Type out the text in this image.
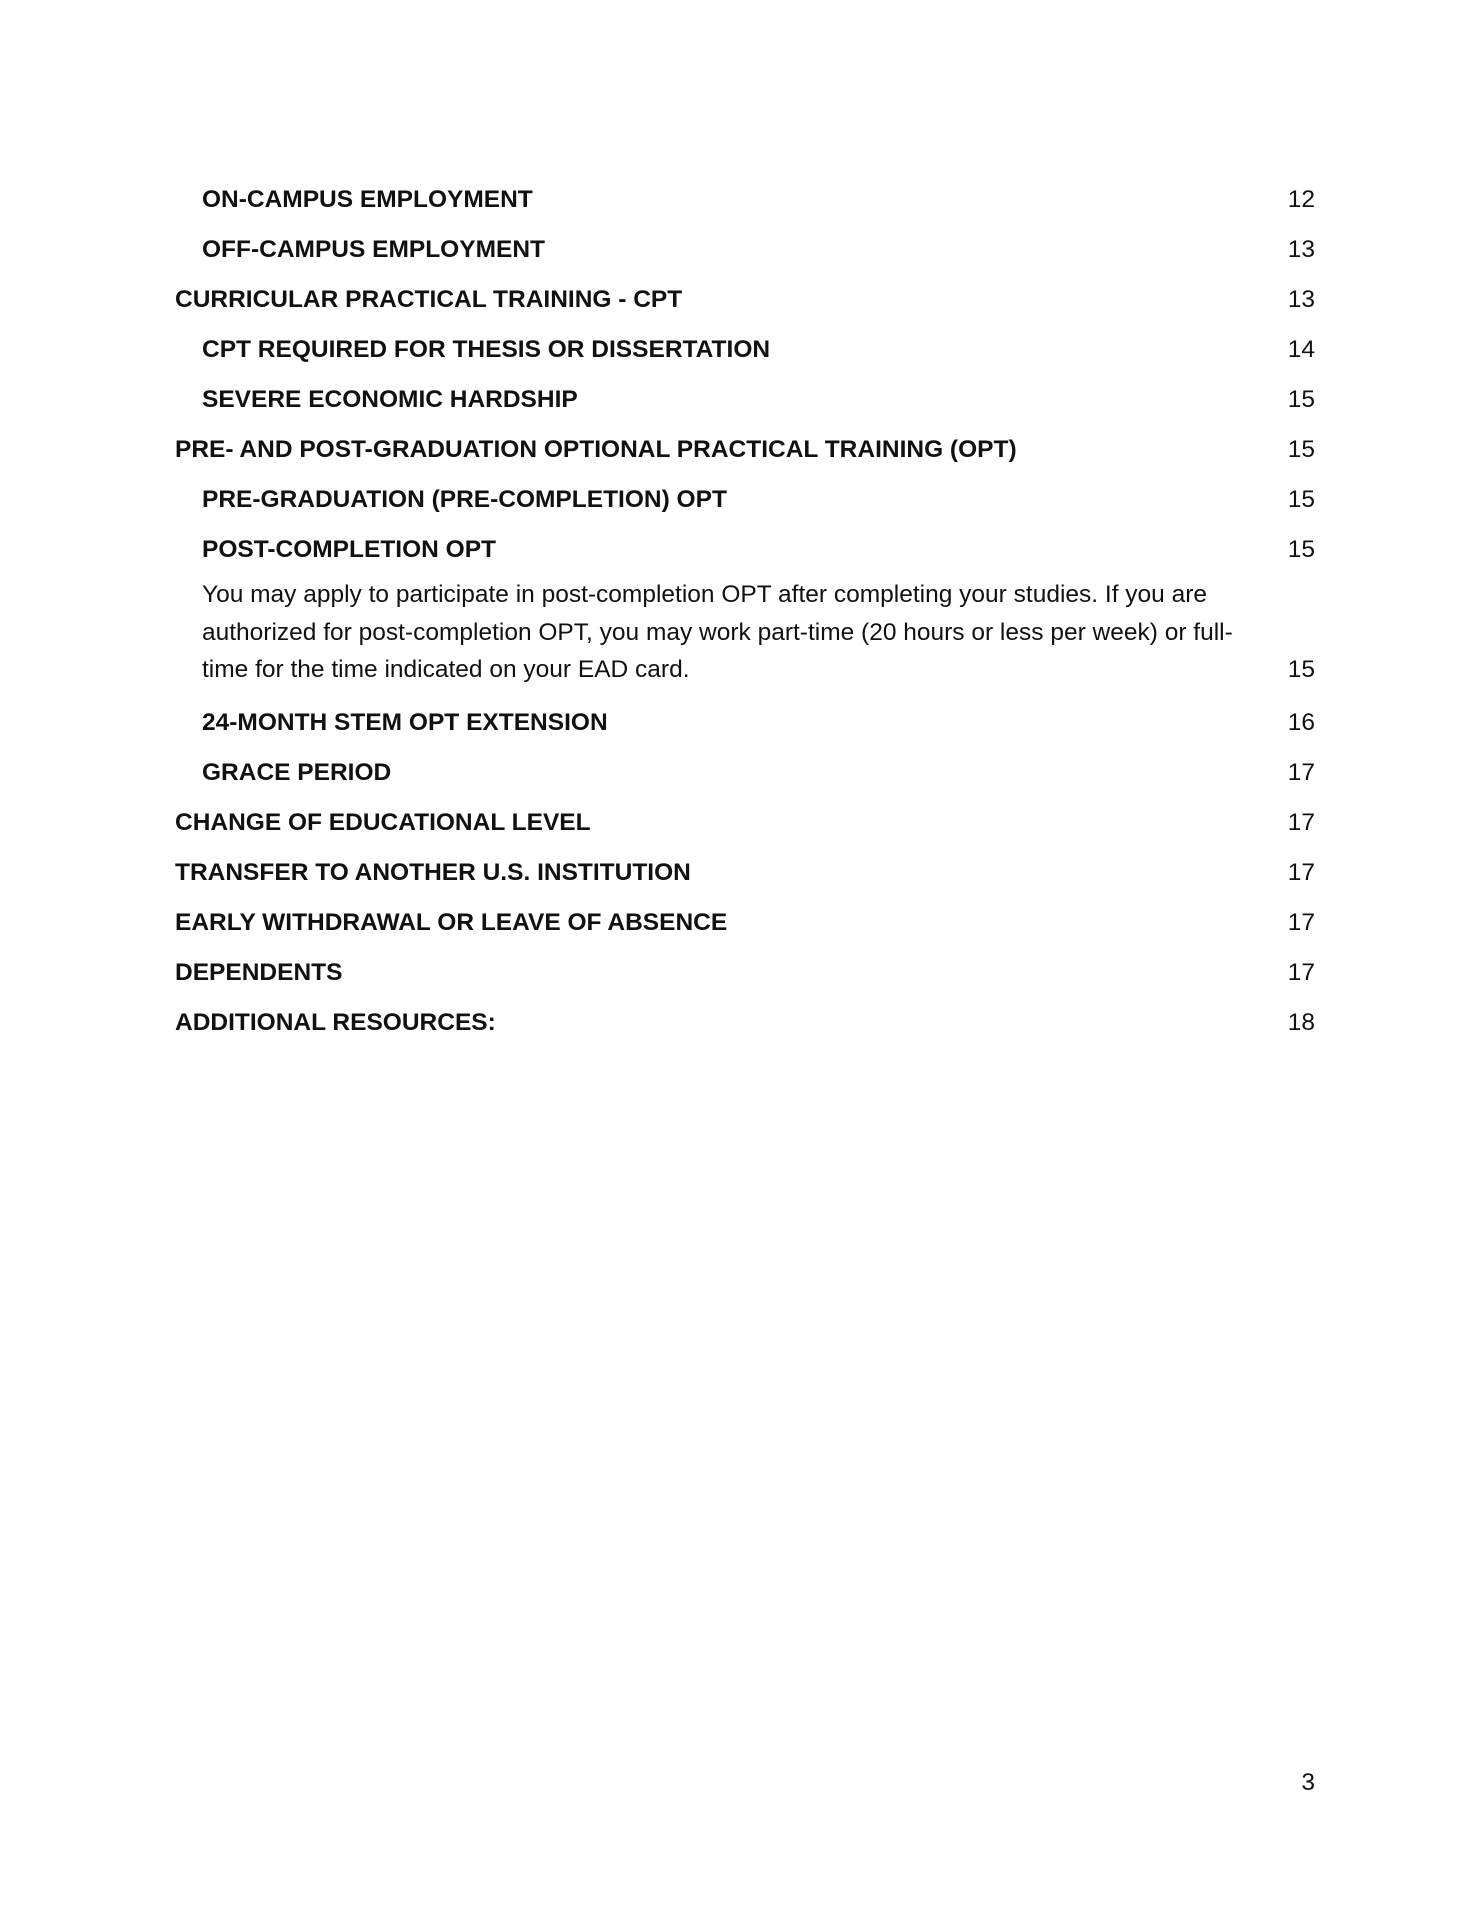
ON-CAMPUS EMPLOYMENT	12
OFF-CAMPUS EMPLOYMENT	13
CURRICULAR PRACTICAL TRAINING - CPT	13
CPT REQUIRED FOR THESIS OR DISSERTATION	14
SEVERE ECONOMIC HARDSHIP	15
PRE- AND POST-GRADUATION OPTIONAL PRACTICAL TRAINING (OPT)	15
PRE-GRADUATION (PRE-COMPLETION) OPT	15
POST-COMPLETION OPT	15
You may apply to participate in post-completion OPT after completing your studies. If you are authorized for post-completion OPT, you may work part-time (20 hours or less per week) or full-time for the time indicated on your EAD card.	15
24-MONTH STEM OPT EXTENSION	16
GRACE PERIOD	17
CHANGE OF EDUCATIONAL LEVEL	17
TRANSFER TO ANOTHER U.S. INSTITUTION	17
EARLY WITHDRAWAL OR LEAVE OF ABSENCE	17
DEPENDENTS	17
ADDITIONAL RESOURCES:	18
3
